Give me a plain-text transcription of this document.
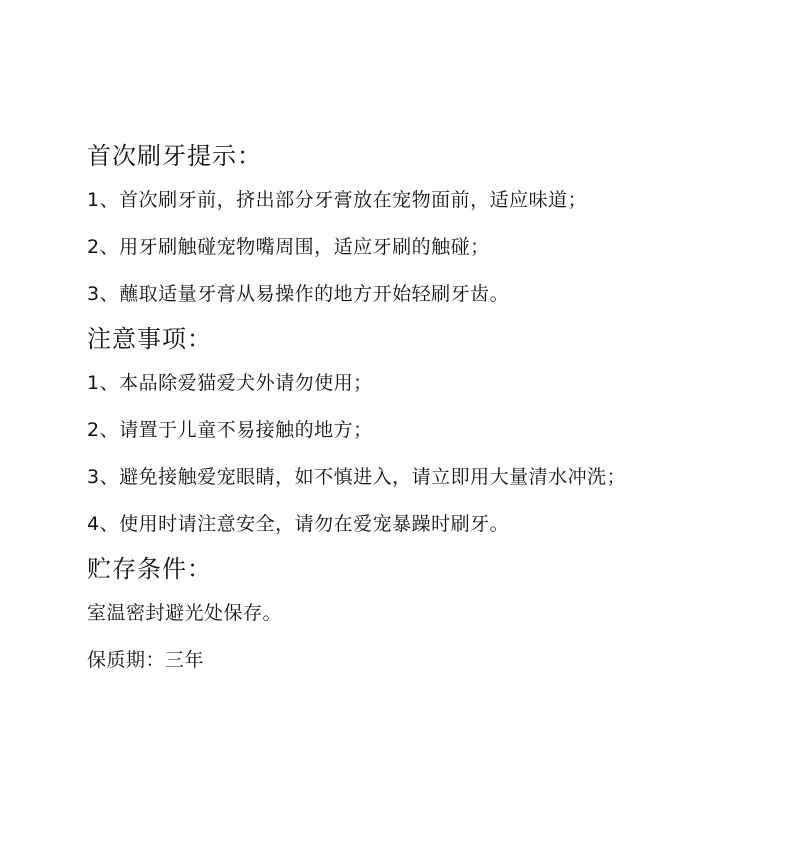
首次刷牙提示：
1、首次刷牙前，挤出部分牙膏放在宠物面前，适应味道；
2、用牙刷触碰宠物嘴周围，适应牙刷的触碰；
3、蘸取适量牙膏从易操作的地方开始轻刷牙齿。
注意事项：
1、本品除爱猫爱犬外请勿使用；
2、请置于儿童不易接触的地方；
3、避免接触爱宠眼睛，如不慎进入，请立即用大量清水冲洗；
4、使用时请注意安全，请勿在爱宠暴躁时刷牙。
贮存条件：
室温密封避光处保存。
保质期：三年
